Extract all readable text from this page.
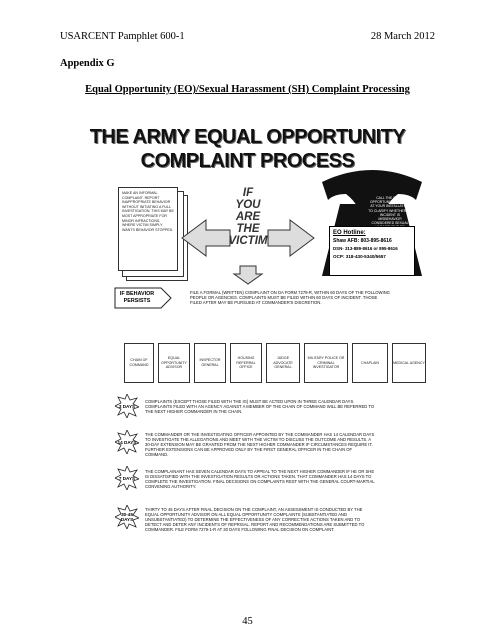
USARCENT Pamphlet 600-1	28 March 2012
Appendix G
Equal Opportunity (EO)/Sexual Harassment (SH) Complaint Processing
THE ARMY EQUAL OPPORTUNITY
COMPLAINT PROCESS
MAKE AN INFORMAL COMPLAINT. REPORT INAPPROPRIATE BEHAVIOR WITHOUT INITIATING A FULL INVESTIGATION. THIS MAY BE MOST APPROPRIATE FOR MINOR INFRACTIONS, WHERE VICTIM SIMPLY WANTS BEHAVIOR STOPPED.
IF
YOU
ARE
THE
VICTIM
CALL THE EO/SH OPPORTUNITY HOTLINE AT YOUR INSTALLATION TO CLARIFY WHETHER AN INCIDENT IS MISBEHAVIOR CONSIDERED SEXUAL
EO Hotline:
Shaw AFB: 803-895-8616
DSN- 313-889-8616 or 895-8616
OCP: 318-430-5340/5657
IF BEHAVIOR PERSISTS
FILE A FORMAL (WRITTEN) COMPLAINT ON DA FORM 7279-R, WITHIN 60 DAYS OF THE FOLLOWING PEOPLE OR AGENCIES. COMPLAINTS MUST BE FILED WITHIN 60 DAYS OF INCIDENT. THOSE FILED AFTER MAY BE PURSUED AT COMMANDER'S DISCRETION.
CHAIN OF COMMAND
EQUAL OPPORTUNITY ADVISOR
INSPECTOR GENERAL
HOUSING REFERRAL OFFICE
JUDGE ADVOCATE GENERAL
MILITARY POLICE OR CRIMINAL INVESTIGATOR
CHAPLAIN	MEDICAL AGENCY
3 DAYS
COMPLAINTS (EXCEPT THOSE FILED WITH THE IG) MUST BE ACTED UPON IN THREE CALENDAR DAYS. COMPLAINTS FILED WITH AN AGENCY AGAINST A MEMBER OF THE CHAIN OF COMMAND WILL BE REFERRED TO THE NEXT HIGHER COMMANDER IN THE CHAIN.
14 DAYS
THE COMMANDER OR THE INVESTIGATING OFFICER APPOINTED BY THE COMMANDER HAS 14 CALENDAR DAYS TO INVESTIGATE THE ALLEGATIONS AND MEET WITH THE VICTIM TO DISCUSS THE OUTCOME AND RESULTS. A 30-DAY EXTENSION MAY BE GRANTED FROM THE NEXT HIGHER COMMANDER IF CIRCUMSTANCES REQUIRE IT. FURTHER EXTENSIONS CAN BE APPROVED ONLY BY THE FIRST GENERAL OFFICER IN THE CHAIN OF COMMAND.
7 DAYS
THE COMPLAINANT HAS SEVEN CALENDAR DAYS TO APPEAL TO THE NEXT HIGHER COMMANDER IF HE OR SHE IS DISSATISFIED WITH THE INVESTIGATION RESULTS OR ACTIONS TAKEN. THAT COMMANDER HAS 14 DAYS TO COMPLETE THE INVESTIGATION. FINAL DECISIONS ON COMPLAINTS REST WITH THE GENERAL COURT-MARTIAL CONVENING AUTHORITY.
30-45 DAYS
THIRTY TO 45 DAYS AFTER FINAL DECISION ON THE COMPLAINT, AN ASSESSMENT IS CONDUCTED BY THE EQUAL OPPORTUNITY ADVISOR ON ALL EQUAL OPPORTUNITY COMPLAINTS (SUBSTANTIATED AND UNSUBSTANTIATED) TO DETERMINE THE EFFECTIVENESS OF ANY CORRECTIVE ACTIONS TAKEN AND TO DETECT AND DETER ANY INCIDENTS OF REPRISAL. REPORT AND RECOMMENDATIONS ARE SUBMITTED TO COMMANDER. FILE FORM 7279-1-R AT 30 DAYS FOLLOWING FINAL DECISION ON COMPLAINT.
45
